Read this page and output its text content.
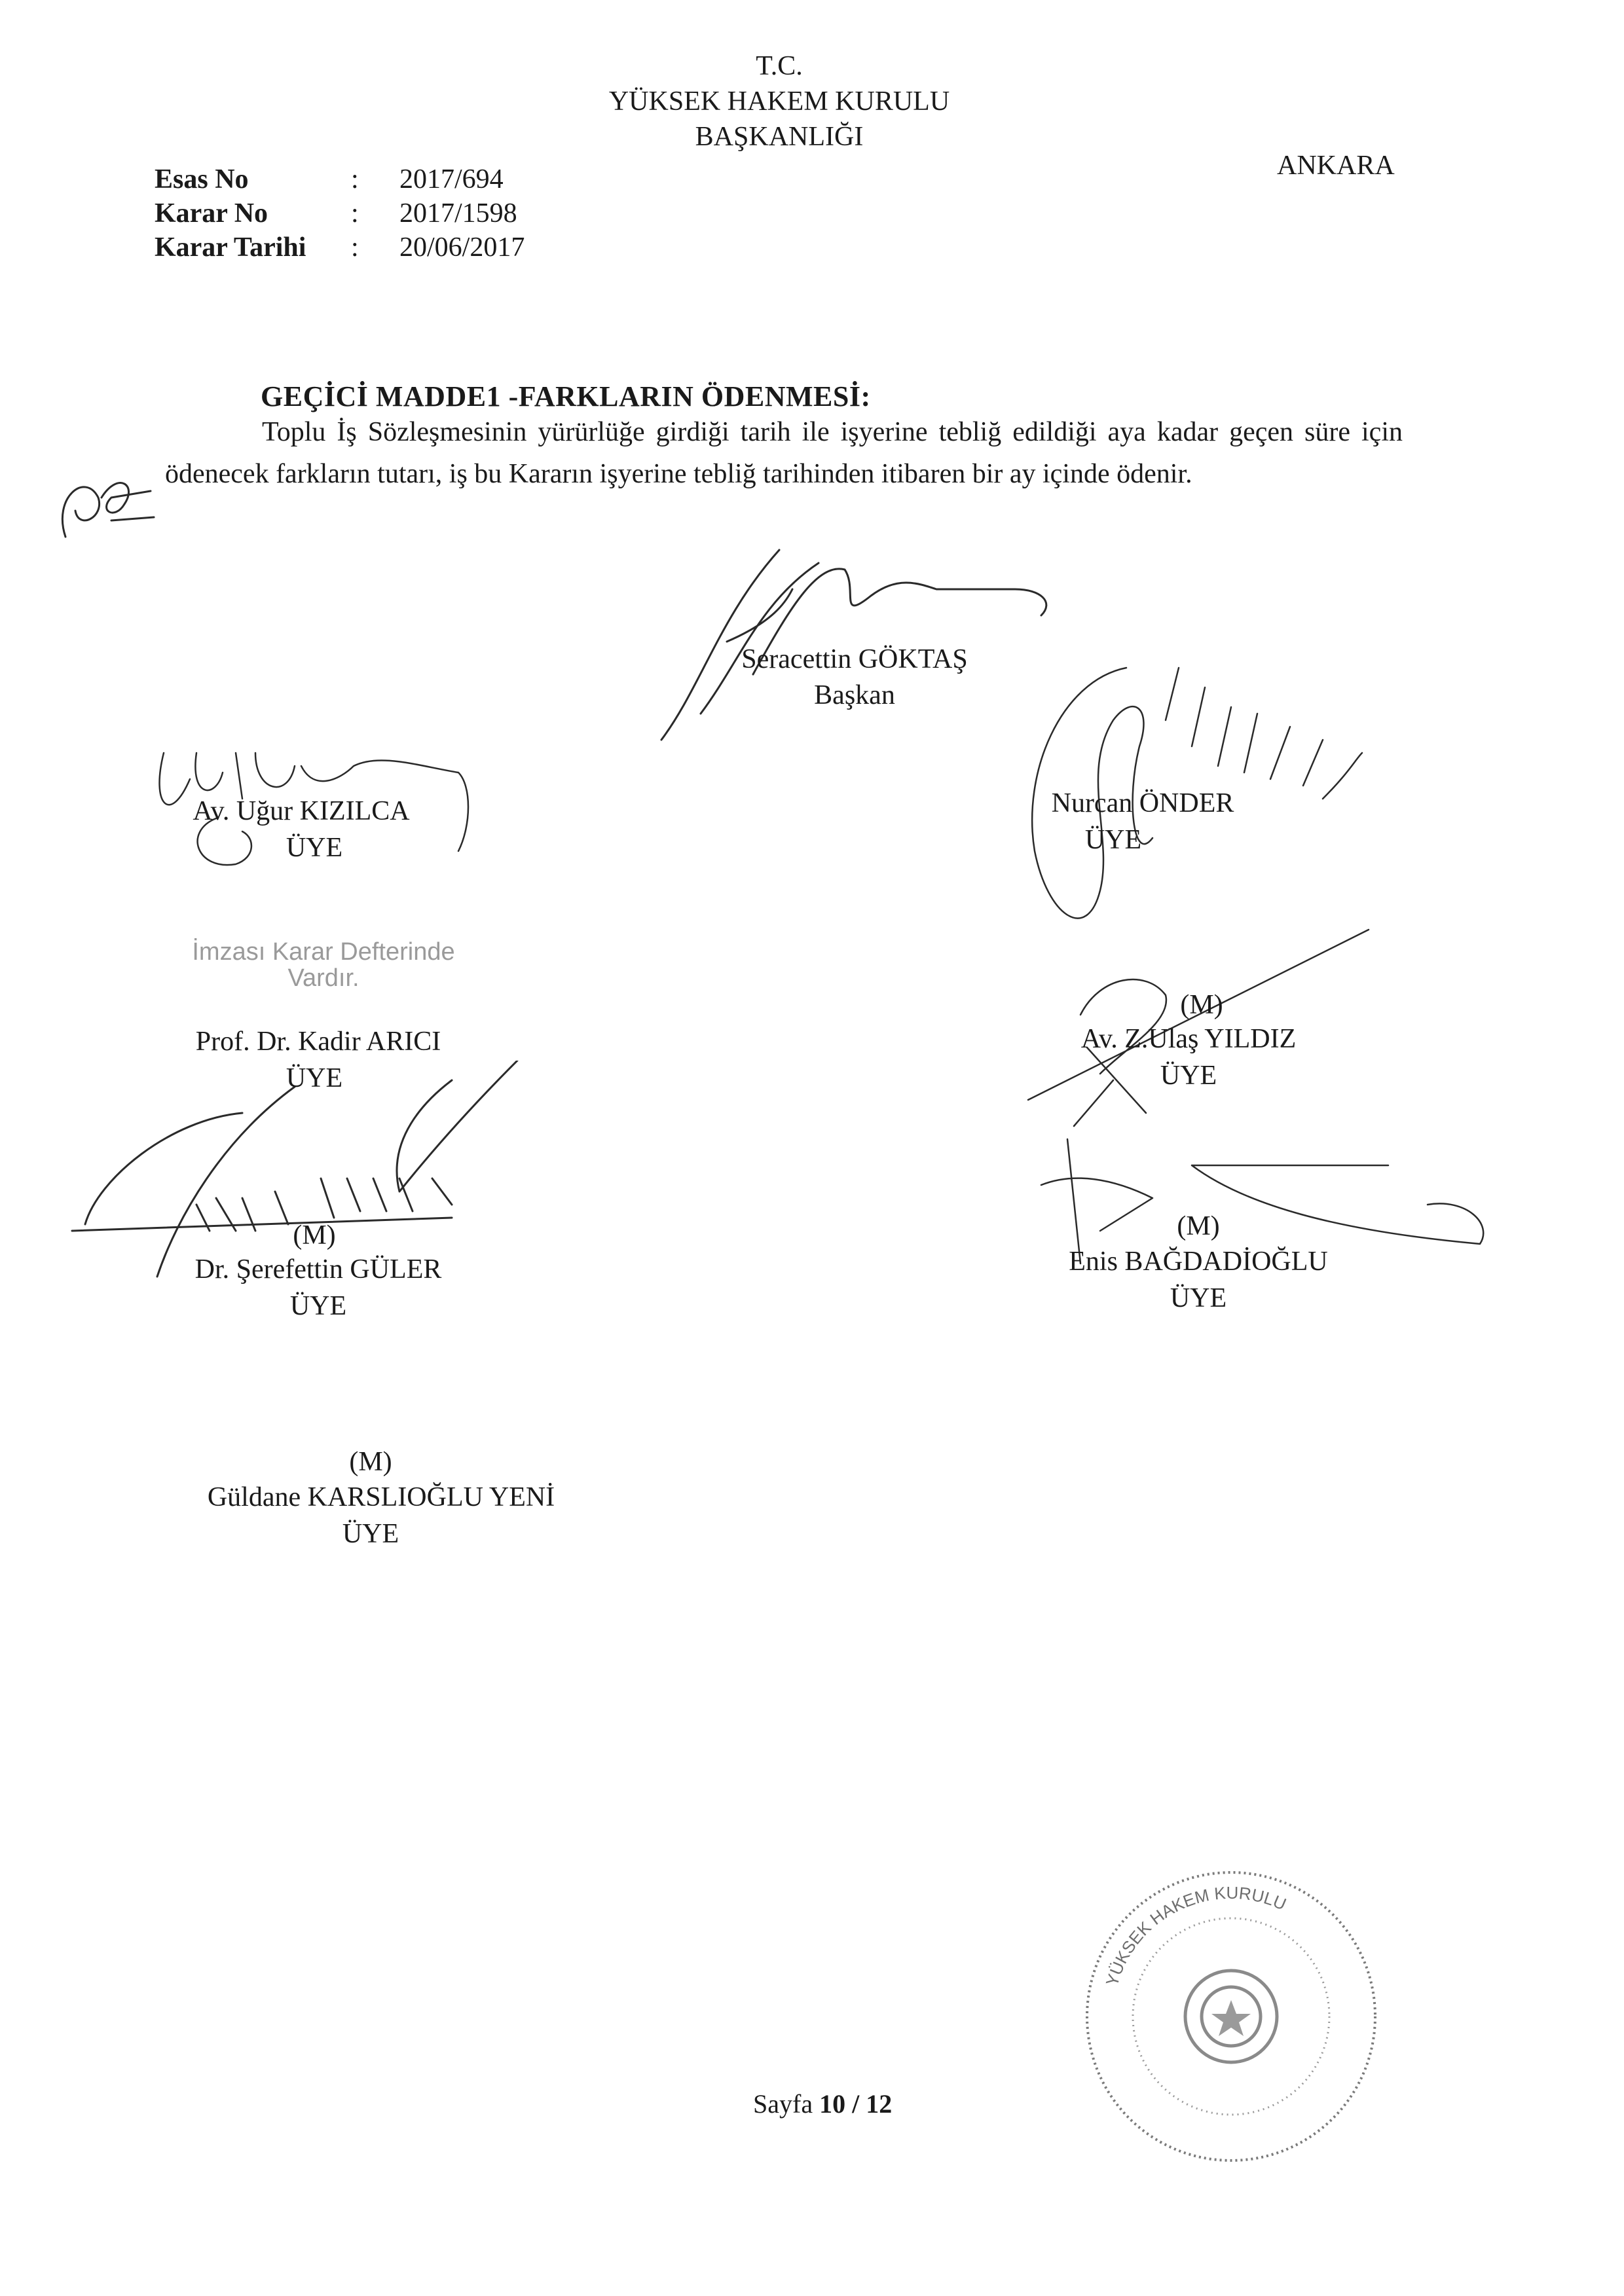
T.C.
YÜKSEK HAKEM KURULU
BAŞKANLIĞI
ANKARA
Esas No	: 2017/694
Karar No	: 2017/1598
Karar Tarihi : 20/06/2017
GEÇİCİ MADDE1 -FARKLARIN ÖDENMESİ:
Toplu İş Sözleşmesinin yürürlüğe girdiği tarih ile işyerine tebliğ edildiği aya kadar geçen süre için ödenecek farkların tutarı, iş bu Kararın işyerine tebliğ tarihinden itibaren bir ay içinde ödenir.
Seracettin GÖKTAŞ
Başkan
Av. Uğur KIZILCA
ÜYE
Nurcan ÖNDER
ÜYE
İmzası Karar Defterinde Vardır.
Prof. Dr. Kadir ARICI
ÜYE
(M)
Av. Z.Ulaş YILDIZ
ÜYE
(M)
Dr. Şerefettin GÜLER
ÜYE
(M)
Enis BAĞDADİOĞLU
ÜYE
(M)
Güldane KARSLIOĞLU YENİ
ÜYE
YÜKSEK HAKEM KURULU
Sayfa 10 / 12
